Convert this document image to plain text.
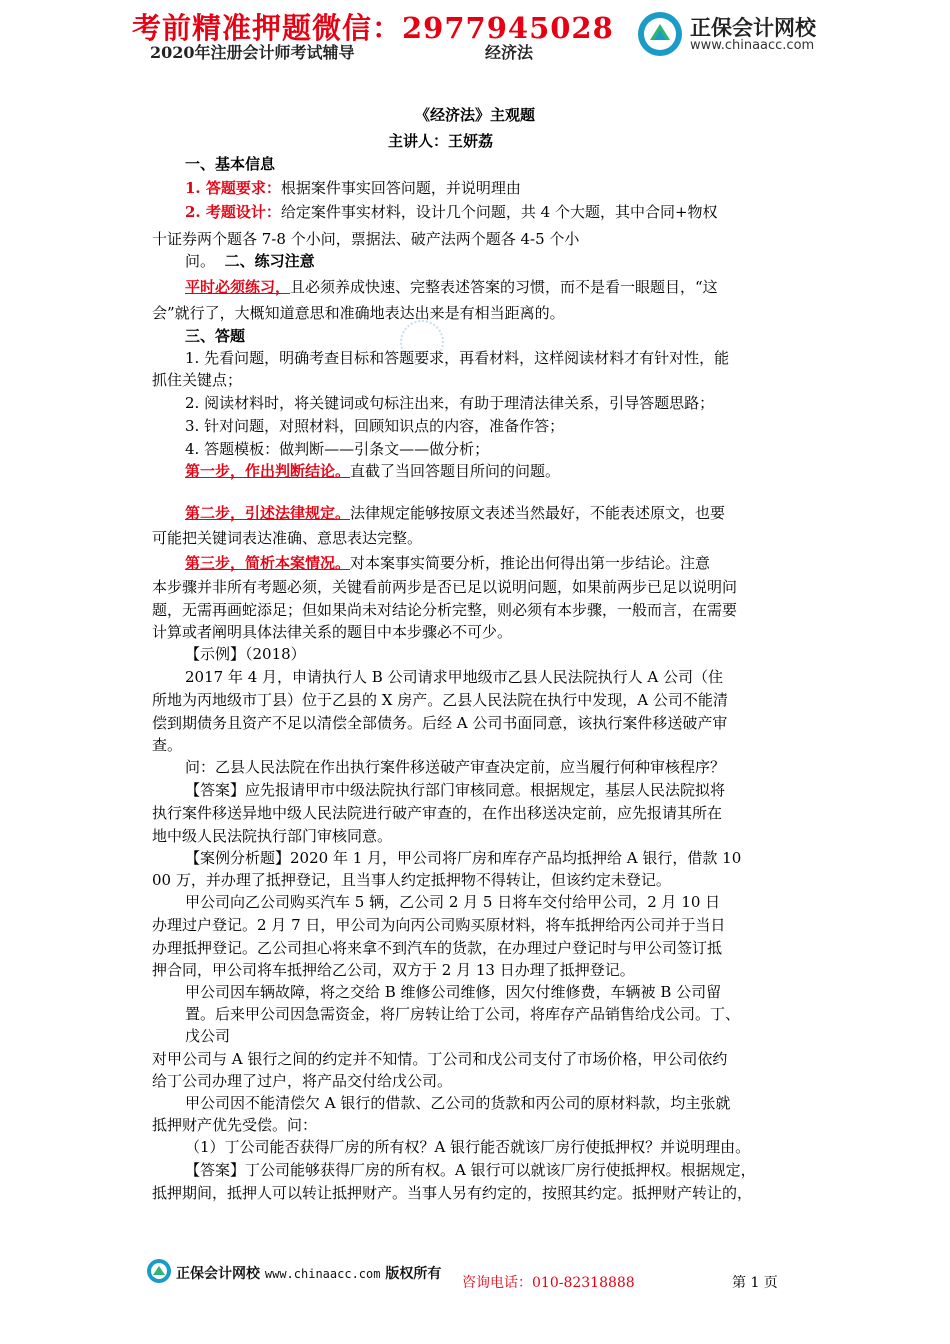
考前精准押题微信：2977945028
2020年注册会计师考试辅导	经济法
正保会计网校
www.chinaacc.com
《经济法》主观题
主讲人：王妍荔
一、基本信息
1. 答题要求：根据案件事实回答问题，并说明理由
2. 考题设计：给定案件事实材料，设计几个问题，共 4 个大题，其中合同+物权
十证券两个题各 7-8 个小问，票据法、破产法两个题各 4-5 个小
问。 二、练习注意
平时必须练习，且必须养成快速、完整表述答案的习惯，而不是看一眼题目，“这
会”就行了，大概知道意思和准确地表达出来是有相当距离的。
三、答题
1. 先看问题，明确考查目标和答题要求，再看材料，这样阅读材料才有针对性，能
抓住关键点；
2. 阅读材料时，将关键词或句标注出来，有助于理清法律关系，引导答题思路；
3. 针对问题，对照材料，回顾知识点的内容，准备作答；
4. 答题模板：做判断——引条文——做分析；
第一步，作出判断结论。直截了当回答题目所问的问题。
第二步，引述法律规定。法律规定能够按原文表述当然最好，不能表述原文，也要
可能把关键词表达准确、意思表达完整。
第三步，简析本案情况。对本案事实简要分析，推论出何得出第一步结论。注意
本步骤并非所有考题必须，关键看前两步是否已足以说明问题，如果前两步已足以说明问
题，无需再画蛇添足；但如果尚未对结论分析完整，则必须有本步骤，一般而言，在需要
计算或者阐明具体法律关系的题目中本步骤必不可少。
【示例】（2018）
2017 年 4 月，申请执行人 B 公司请求甲地级市乙县人民法院执行人 A 公司（住
所地为丙地级市丁县）位于乙县的 X 房产。乙县人民法院在执行中发现，A 公司不能清
偿到期债务且资产不足以清偿全部债务。后经 A 公司书面同意，该执行案件移送破产审
查。
问：乙县人民法院在作出执行案件移送破产审查决定前，应当履行何种审核程序？
【答案】应先报请甲市中级法院执行部门审核同意。根据规定，基层人民法院拟将
执行案件移送异地中级人民法院进行破产审查的，在作出移送决定前，应先报请其所在
地中级人民法院执行部门审核同意。
【案例分析题】2020 年 1 月，甲公司将厂房和库存产品均抵押给 A 银行，借款 10
00 万，并办理了抵押登记，且当事人约定抵押物不得转让，但该约定未登记。
甲公司向乙公司购买汽车 5 辆，乙公司 2 月 5 日将车交付给甲公司，2 月 10 日
办理过户登记。2 月 7 日，甲公司为向丙公司购买原材料，将车抵押给丙公司并于当日
办理抵押登记。乙公司担心将来拿不到汽车的货款，在办理过户登记时与甲公司签订抵
押合同，甲公司将车抵押给乙公司，双方于 2 月 13 日办理了抵押登记。
甲公司因车辆故障，将之交给 B 维修公司维修，因欠付维修费，车辆被 B 公司留
置。后来甲公司因急需资金，将厂房转让给丁公司，将库存产品销售给戊公司。丁、
戊公司
对甲公司与 A 银行之间的约定并不知情。丁公司和戊公司支付了市场价格，甲公司依约
给丁公司办理了过户，将产品交付给戊公司。
甲公司因不能清偿欠 A 银行的借款、乙公司的货款和丙公司的原材料款，均主张就
抵押财产优先受偿。问：
（1）丁公司能否获得厂房的所有权？A 银行能否就该厂房行使抵押权？并说明理由。
【答案】丁公司能够获得厂房的所有权。A 银行可以就该厂房行使抵押权。根据规定，
抵押期间，抵押人可以转让抵押财产。当事人另有约定的，按照其约定。抵押财产转让的，
正保会计网校 www.chinaacc.com 版权所有
咨询电话：010-82318888	第 1 页
